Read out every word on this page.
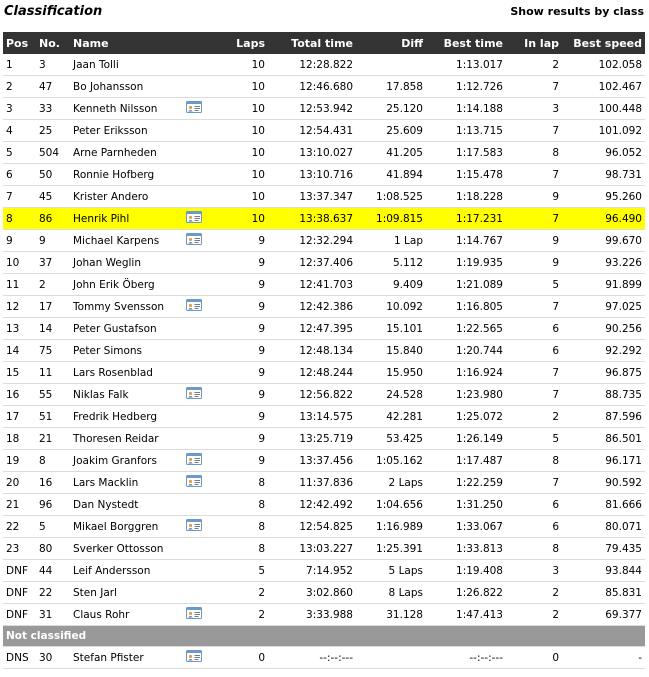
Classification	Show results by class
Pos	No.	Name	Laps	Total time	Diff	Best time	In lap	Best speed
1	3	Jaan Tolli	10	12:28.822		1:13.017	2	102.058
2	47	Bo Johansson	10	12:46.680	17.858	1:12.726	7	102.467
3	33	Kenneth Nilsson	10	12:53.942	25.120	1:14.188	3	100.448
4	25	Peter Eriksson	10	12:54.431	25.609	1:13.715	7	101.092
5	504	Arne Parnheden	10	13:10.027	41.205	1:17.583	8	96.052
6	50	Ronnie Hofberg	10	13:10.716	41.894	1:15.478	7	98.731
7	45	Krister Andero	10	13:37.347	1:08.525	1:18.228	9	95.260
8	86	Henrik Pihl	10	13:38.637	1:09.815	1:17.231	7	96.490
9	9	Michael Karpens	9	12:32.294	1 Lap	1:14.767	9	99.670
10	37	Johan Weglin	9	12:37.406	5.112	1:19.935	9	93.226
11	2	John Erik Öberg	9	12:41.703	9.409	1:21.089	5	91.899
12	17	Tommy Svensson	9	12:42.386	10.092	1:16.805	7	97.025
13	14	Peter Gustafson	9	12:47.395	15.101	1:22.565	6	90.256
14	75	Peter Simons	9	12:48.134	15.840	1:20.744	6	92.292
15	11	Lars Rosenblad	9	12:48.244	15.950	1:16.924	7	96.875
16	55	Niklas Falk	9	12:56.822	24.528	1:23.980	7	88.735
17	51	Fredrik Hedberg	9	13:14.575	42.281	1:25.072	2	87.596
18	21	Thoresen Reidar	9	13:25.719	53.425	1:26.149	5	86.501
19	8	Joakim Granfors	9	13:37.456	1:05.162	1:17.487	8	96.171
20	16	Lars Macklin	8	11:37.836	2 Laps	1:22.259	7	90.592
21	96	Dan Nystedt	8	12:42.492	1:04.656	1:31.250	6	81.666
22	5	Mikael Borggren	8	12:54.825	1:16.989	1:33.067	6	80.071
23	80	Sverker Ottosson	8	13:03.227	1:25.391	1:33.813	8	79.435
DNF	44	Leif Andersson	5	7:14.952	5 Laps	1:19.408	3	93.844
DNF	22	Sten Jarl	2	3:02.860	8 Laps	1:26.822	2	85.831
DNF	31	Claus Rohr	2	3:33.988	31.128	1:47.413	2	69.377
Not classified								
DNS	30	Stefan Pfister	0	--:--:---		--:--:---	0	-
